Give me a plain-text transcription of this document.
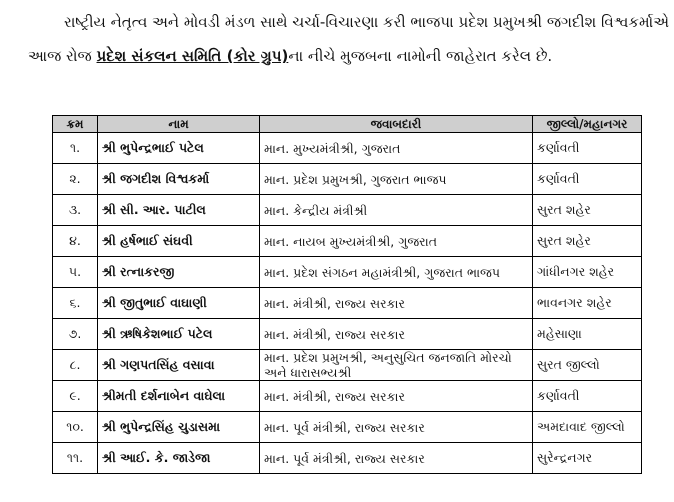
રાષ્ટ્રીય નેતૃત્વ અને મોવડી મંડળ સાથે ચર્ચા-વિચારણા કરી ભાજપા પ્રદેશ પ્રમુખશ્રી જગદીશ વિશ્વકર્માએ
આજ રોજ પ્રદેશ સંકલન સમિતિ (કોર ગ્રુપ)ના નીચે મુજબના નામોની જાહેરાત કરેલ છે.
ક્રમ	નામ	જવાબદારી	જીલ્લો/મહાનગર
૧.	શ્રી ભુપેન્દ્રભાઈ પટેલ	માન. મુખ્યમંત્રીશ્રી, ગુજરાત	કર્ણાવતી
૨.	શ્રી જગદીશ વિશ્વકર્મા	માન. પ્રદેશ પ્રમુખશ્રી, ગુજરાત ભાજપ	કર્ણાવતી
૩.	શ્રી સી. આર. પાટીલ	માન. કેન્દ્રીય મંત્રીશ્રી	સુરત શહેર
૪.	શ્રી હર્ષભાઈ સંઘવી	માન. નાયબ મુખ્યમંત્રીશ્રી, ગુજરાત	સુરત શહેર
૫.	શ્રી રત્નાકરજી	માન. પ્રદેશ સંગઠન મહામંત્રીશ્રી, ગુજરાત ભાજપ	ગાંધીનગર શહેર
૬.	શ્રી જીતુભાઈ વાઘાણી	માન. મંત્રીશ્રી, રાજ્ય સરકાર	ભાવનગર શહેર
૭.	શ્રી ઋષિકેશભાઈ પટેલ	માન. મંત્રીશ્રી, રાજ્ય સરકાર	મહેસાણા
૮.	શ્રી ગણપતસિંહ વસાવા	માન. પ્રદેશ પ્રમુખશ્રી, અનુસુચિત જનજાતિ મોરચો અને ધારાસભ્યશ્રી	સુરત જીલ્લો
૯.	શ્રીમતી દર્શનાબેન વાઘેલા	માન. મંત્રીશ્રી, રાજ્ય સરકાર	કર્ણાવતી
૧૦.	શ્રી ભુપેન્દ્રસિંહ ચુડાસમા	માન. પૂર્વ મંત્રીશ્રી, રાજ્ય સરકાર	અમદાવાદ જીલ્લો
૧૧.	શ્રી આઈ. કે. જાડેજા	માન. પૂર્વ મંત્રીશ્રી, રાજ્ય સરકાર	સુરેન્દ્રનગર
